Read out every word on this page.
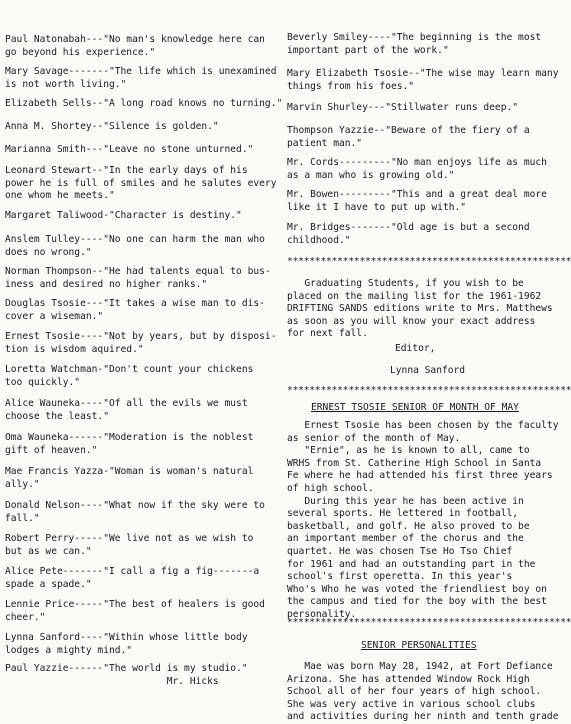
Paul Natonabah---"No man's knowledge here can
go beyond his experience."
Mary Savage-------"The life which is unexamined
is not worth living."
Elizabeth Sells--"A long road knows no turning."
Anna M. Shortey--"Silence is golden."
Marianna Smith---"Leave no stone unturned."
Leonard Stewart--"In the early days of his
power he is full of smiles and he salutes every
one whom he meets."
Margaret Taliwood-"Character is destiny."
Anslem Tulley----"No one can harm the man who
does no wrong."
Norman Thompson--"He had talents equal to bus-
iness and desired no higher ranks."
Douglas Tsosie---"It takes a wise man to dis-
cover a wiseman."
Ernest Tsosie----"Not by years, but by disposi-
tion is wisdom aquired."
Loretta Watchman-"Don't count your chickens
too quickly."
Alice Wauneka----"Of all the evils we must
choose the least."
Oma Wauneka------"Moderation is the noblest
gift of heaven."
Mae Francis Yazza-"Woman is woman's natural
ally."
Donald Nelson----"What now if the sky were to
fall."
Robert Perry-----"We live not as we wish to
but as we can."
Alice Pete-------"I call a fig a fig-------a
spade a spade."
Lennie Price-----"The best of healers is good
cheer."
Lynna Sanford----"Within whose little body
lodges a mighty mind."
Paul Yazzie------"The world is my studio."
Mr. Hicks
Beverly Smiley----"The beginning is the most
important part of the work."
Mary Elizabeth Tsosie--"The wise may learn many
things from his foes."
Marvin Shurley---"Stillwater runs deep."
Thompson Yazzie--"Beware of the fiery of a
patient man."
Mr. Cords---------"No man enjoys life as much
as a man who is growing old."
Mr. Bowen---------"This and a great deal more
like it I have to put up with."
Mr. Bridges-------"Old age is but a second
childhood."
***************************************************
Graduating Students, if you wish to be
placed on the mailing list for the 1961-1962
DRIFTING SANDS editions write to Mrs. Matthews
as soon as you will know your exact address
for next fall.
Editor,
Lynna Sanford
***************************************************
ERNEST TSOSIE SENIOR OF MONTH OF MAY
Ernest Tsosie has been chosen by the faculty
as senior of the month of May.
"Ernie", as he is known to all, came to
WRHS from St. Catherine High School in Santa
Fe where he had attended his first three years
of high school.
During this year he has been active in
several sports. He lettered in football,
basketball, and golf. He also proved to be
an important member of the chorus and the
quartet. He was chosen Tse Ho Tso Chief
for 1961 and had an outstanding part in the
school's first operetta. In this year's
Who's Who he was voted the friendliest boy on
the campus and tied for the boy with the best
personality.
***************************************************
SENIOR PERSONALITIES
Mae was born May 28, 1942, at Fort Defiance
Arizona. She has attended Window Rock High
School all of her four years of high school.
She was very active in various school clubs
and activities during her ninth and tenth grade
